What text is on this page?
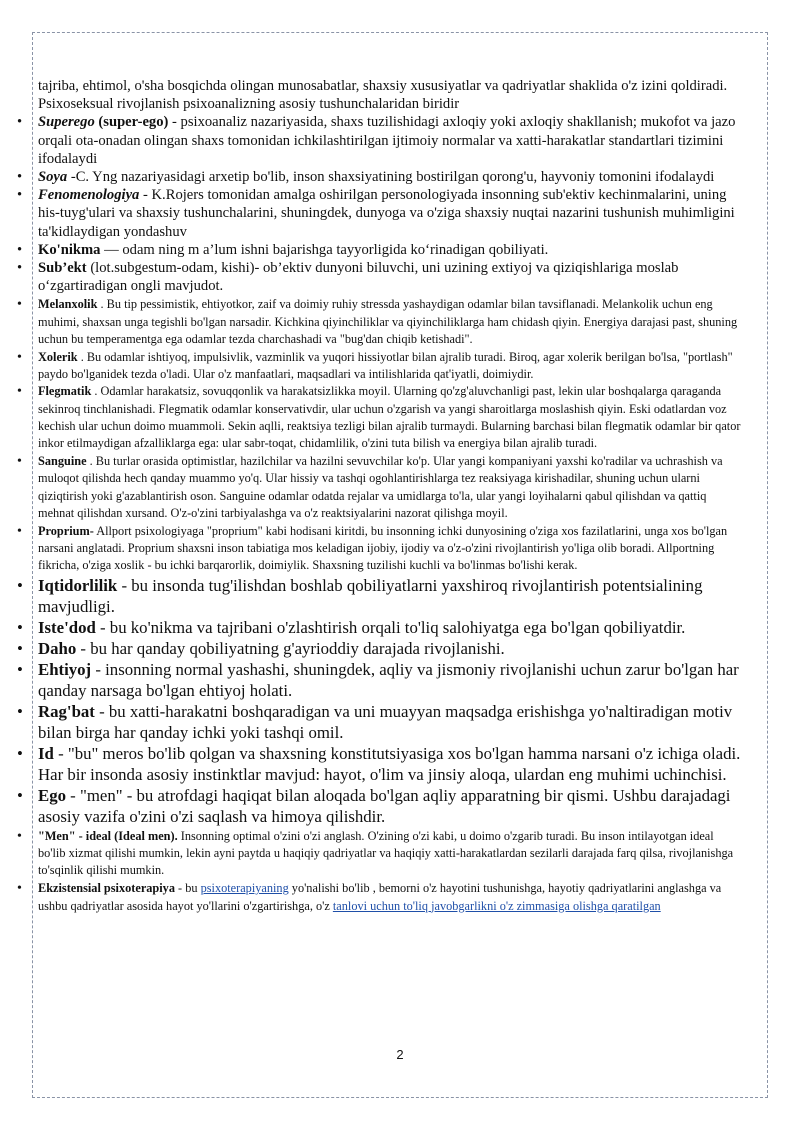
tajriba, ehtimol, o'sha bosqichda olingan munosabatlar, shaxsiy xususiyatlar va qadriyatlar shaklida o'z izini qoldiradi. Psixoseksual rivojlanish psixoanalizning asosiy tushunchalaridan biridir
• Superego (super-ego) - psixoanaliz nazariyasida, shaxs tuzilishidagi axloqiy yoki axloqiy shakllanish; mukofot va jazo orqali ota-onadan olingan shaxs tomonidan ichkilashtirilgan ijtimoiy normalar va xatti-harakatlar standartlari tizimini ifodalaydi
• Soya -C. Yng nazariyasidagi arxetip bo'lib, inson shaxsiyatining bostirilgan qorong'u, hayvoniy tomonini ifodalaydi
• Fenomenologiya - K.Rojers tomonidan amalga oshirilgan personologiyada insonning sub'ektiv kechinmalarini, uning his-tuyg'ulari va shaxsiy tushunchalarini, shuningdek, dunyoga va o'ziga shaxsiy nuqtai nazarini tushunish muhimligini ta'kidlaydigan yondashuv
• Ko'nikma — odam ning m a’lum ishni bajarishga tayyorligida ko‘rinadigan qobiliyati.
• Sub’ekt (lot.subgestum-odam, kishi)- ob’ektiv dunyoni biluvchi, uni uzining extiyoj va qiziqishlariga moslab o‘zgartiradigan ongli mavjudot.
• Melanxolik . Bu tip pessimistik, ehtiyotkor, zaif va doimiy ruhiy stressda yashaydigan odamlar bilan tavsiflanadi. Melankolik uchun eng muhimi, shaxsan unga tegishli bo'lgan narsadir. Kichkina qiyinchiliklar va qiyinchiliklarga ham chidash qiyin. Energiya darajasi past, shuning uchun bu temperamentga ega odamlar tezda charchashadi va "bug'dan chiqib ketishadi".
• Xolerik . Bu odamlar ishtiyoq, impulsivlik, vazminlik va yuqori hissiyotlar bilan ajralib turadi. Biroq, agar xolerik berilgan bo'lsa, "portlash" paydo bo'lganidek tezda o'ladi. Ular o'z manfaatlari, maqsadlari va intilishlarida qat'iyatli, doimiydir.
• Flegmatik . Odamlar harakatsiz, sovuqqonlik va harakatsizlikka moyil. Ularning qo'zg'aluvchanligi past, lekin ular boshqalarga qaraganda sekinroq tinchlanishadi. Flegmatik odamlar konservativdir, ular uchun o'zgarish va yangi sharoitlarga moslashish qiyin. Eski odatlardan voz kechish ular uchun doimo muammoli. Sekin aqlli, reaktsiya tezligi bilan ajralib turmaydi. Bularning barchasi bilan flegmatik odamlar bir qator inkor etilmaydigan afzalliklarga ega: ular sabr-toqat, chidamlilik, o'zini tuta bilish va energiya bilan ajralib turadi.
• Sanguine . Bu turlar orasida optimistlar, hazilchilar va hazilni sevuvchilar ko'p. Ular yangi kompaniyani yaxshi ko'radilar va uchrashish va muloqot qilishda hech qanday muammo yo'q. Ular hissiy va tashqi ogohlantirishlarga tez reaksiyaga kirishadilar, shuning uchun ularni qiziqtirish yoki g'azablantirish oson. Sanguine odamlar odatda rejalar va umidlarga to'la, ular yangi loyihalarni qabul qilishdan va qattiq mehnat qilishdan xursand. O'z-o'zini tarbiyalashga va o'z reaktsiyalarini nazorat qilishga moyil.
• Proprium- Allport psixologiyaga "proprium" kabi hodisani kiritdi, bu insonning ichki dunyosining o'ziga xos fazilatlarini, unga xos bo'lgan narsani anglatadi. Proprium shaxsni inson tabiatiga mos keladigan ijobiy, ijodiy va o'z-o'zini rivojlantirish yo'liga olib boradi. Allportning fikricha, o'ziga xoslik - bu ichki barqarorlik, doimiylik. Shaxsning tuzilishi kuchli va bo'linmas bo'lishi kerak.
• Iqtidorlilik - bu insonda tug'ilishdan boshlab qobiliyatlarni yaxshiroq rivojlantirish potentsialining mavjudligi.
• Iste'dod - bu ko'nikma va tajribani o'zlashtirish orqali to'liq salohiyatga ega bo'lgan qobiliyatdir.
• Daho - bu har qanday qobiliyatning g'ayrioddiy darajada rivojlanishi.
• Ehtiyoj - insonning normal yashashi, shuningdek, aqliy va jismoniy rivojlanishi uchun zarur bo'lgan har qanday narsaga bo'lgan ehtiyoj holati.
• Rag'bat - bu xatti-harakatni boshqaradigan va uni muayyan maqsadga erishishga yo'naltiradigan motiv bilan birga har qanday ichki yoki tashqi omil.
• Id - "bu" meros bo'lib qolgan va shaxsning konstitutsiyasiga xos bo'lgan hamma narsani o'z ichiga oladi. Har bir insonda asosiy instinktlar mavjud: hayot, o'lim va jinsiy aloqa, ulardan eng muhimi uchinchisi.
• Ego - "men" - bu atrofdagi haqiqat bilan aloqada bo'lgan aqliy apparatning bir qismi. Ushbu darajadagi asosiy vazifa o'zini o'zi saqlash va himoya qilishdir.
• "Men" - ideal (Ideal men). Insonning optimal o'zini o'zi anglash. O'zining o'zi kabi, u doimo o'zgarib turadi. Bu inson intilayotgan ideal bo'lib xizmat qilishi mumkin, lekin ayni paytda u haqiqiy qadriyatlar va haqiqiy xatti-harakatlardan sezilarli darajada farq qilsa, rivojlanishga to'sqinlik qilishi mumkin.
• Ekzistensial psixoterapiya - bu psixoterapiyaning yo'nalishi bo'lib , bemorni o'z hayotini tushunishga, hayotiy qadriyatlarini anglashga va ushbu qadriyatlar asosida hayot yo'llarini o'zgartirishga, o'z tanlovi uchun to'liq javobgarlikni o'z zimmasiga olishga qaratilgan
2
